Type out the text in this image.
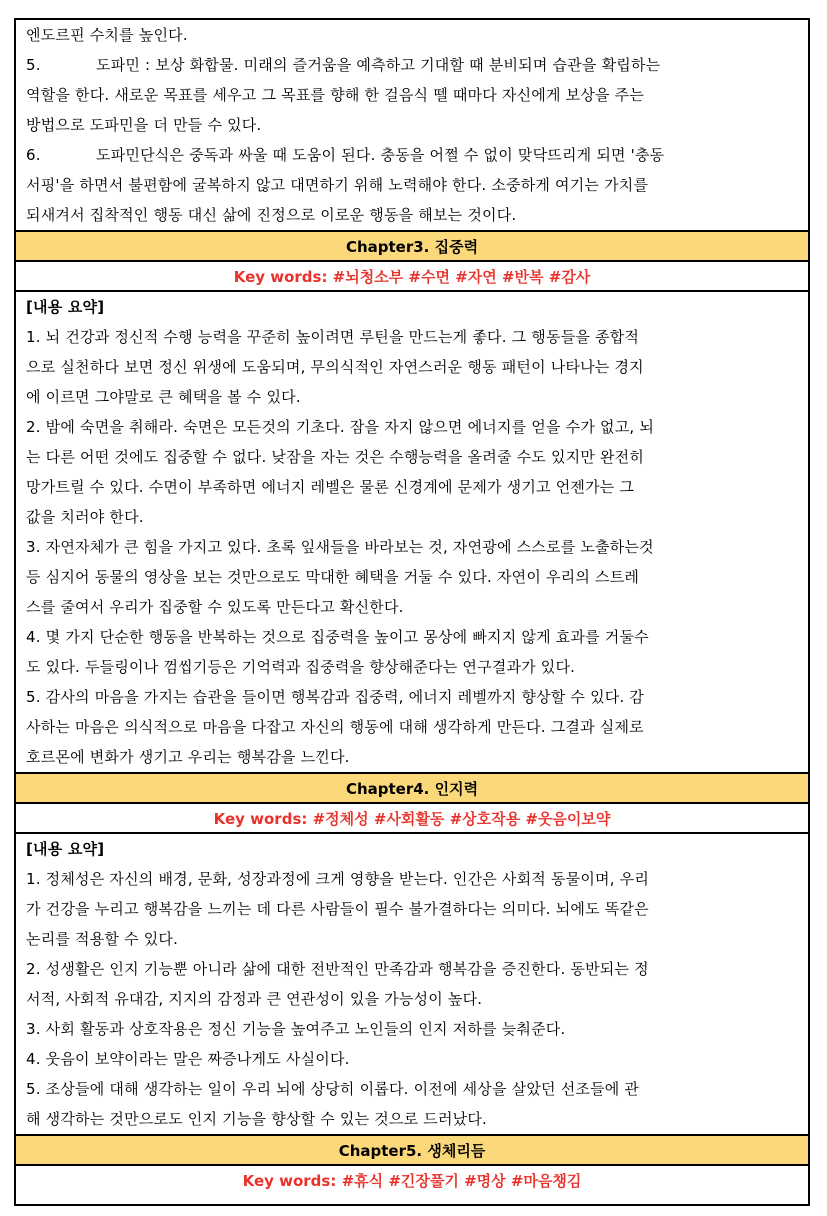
엔도르핀 수치를 높인다.
5.	도파민 : 보상 화합물. 미래의 즐거움을 예측하고 기대할 때 분비되며 습관을 확립하는
역할을 한다. 새로운 목표를 세우고 그 목표를 향해 한 걸음식 뗄 때마다 자신에게 보상을 주는
방법으로 도파민을 더 만들 수 있다.
6.	도파민단식은 중독과 싸울 때 도움이 된다. 충동을 어쩔 수 없이 맞닥뜨리게 되면 '충동
서핑'을 하면서 불편함에 굴복하지 않고 대면하기 위해 노력해야 한다. 소중하게 여기는 가치를
되새겨서 집착적인 행동 대신 삶에 진정으로 이로운 행동을 해보는 것이다.
Chapter3. 집중력
Key words: #뇌청소부 #수면 #자연 #반복 #감사
[내용 요약]
1. 뇌 건강과 정신적 수행 능력을 꾸준히 높이려면 루틴을 만드는게 좋다. 그 행동들을 종합적
으로 실천하다 보면 정신 위생에 도움되며, 무의식적인 자연스러운 행동 패턴이 나타나는 경지
에 이르면 그야말로 큰 혜택을 볼 수 있다.
2. 밤에 숙면을 취해라. 숙면은 모든것의 기초다. 잠을 자지 않으면 에너지를 얻을 수가 없고, 뇌
는 다른 어떤 것에도 집중할 수 없다. 낮잠을 자는 것은 수행능력을 올려줄 수도 있지만 완전히
망가트릴 수 있다. 수면이 부족하면 에너지 레벨은 물론 신경계에 문제가 생기고 언젠가는 그
값을 치러야 한다.
3. 자연자체가 큰 힘을 가지고 있다. 초록 잎새들을 바라보는 것, 자연광에 스스로를 노출하는것
등 심지어 동물의 영상을 보는 것만으로도 막대한 혜택을 거둘 수 있다. 자연이 우리의 스트레
스를 줄여서 우리가 집중할 수 있도록 만든다고 확신한다.
4. 몇 가지 단순한 행동을 반복하는 것으로 집중력을 높이고 몽상에 빠지지 않게 효과를 거둘수
도 있다. 두들링이나 껌씹기등은 기억력과 집중력을 향상해준다는 연구결과가 있다.
5. 감사의 마음을 가지는 습관을 들이면 행복감과 집중력, 에너지 레벨까지 향상할 수 있다. 감
사하는 마음은 의식적으로 마음을 다잡고 자신의 행동에 대해 생각하게 만든다. 그결과 실제로
호르몬에 변화가 생기고 우리는 행복감을 느낀다.
Chapter4. 인지력
Key words: #정체성 #사회활동 #상호작용 #웃음이보약
[내용 요약]
1. 정체성은 자신의 배경, 문화, 성장과정에 크게 영향을 받는다. 인간은 사회적 동물이며, 우리
가 건강을 누리고 행복감을 느끼는 데 다른 사람들이 필수 불가결하다는 의미다. 뇌에도 똑같은
논리를 적용할 수 있다.
2. 성생활은 인지 기능뿐 아니라 삶에 대한 전반적인 만족감과 행복감을 증진한다. 동반되는 정
서적, 사회적 유대감, 지지의 감정과 큰 연관성이 있을 가능성이 높다.
3. 사회 활동과 상호작용은 정신 기능을 높여주고 노인들의 인지 저하를 늦춰준다.
4. 웃음이 보약이라는 말은 짜증나게도 사실이다.
5. 조상들에 대해 생각하는 일이 우리 뇌에 상당히 이롭다. 이전에 세상을 살았던 선조들에 관
해 생각하는 것만으로도 인지 기능을 향상할 수 있는 것으로 드러났다.
Chapter5. 생체리듬
Key words: #휴식 #긴장풀기 #명상 #마음챙김
